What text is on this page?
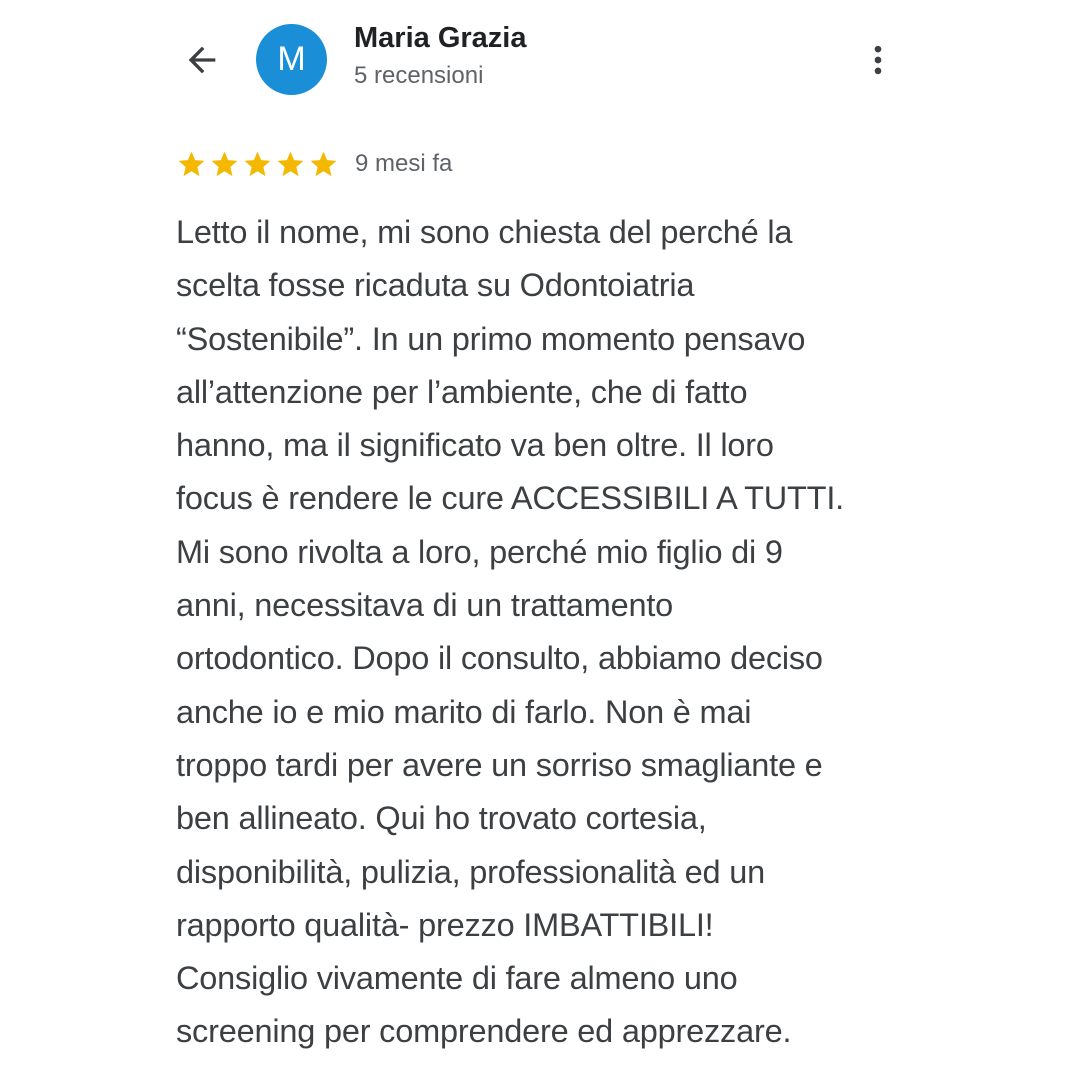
M
Maria Grazia
5 recensioni
9 mesi fa
Letto il nome, mi sono chiesta del perché la
scelta fosse ricaduta su Odontoiatria
“Sostenibile”. In un primo momento pensavo
all’attenzione per l’ambiente, che di fatto
hanno, ma il significato va ben oltre. Il loro
focus è rendere le cure ACCESSIBILI A TUTTI.
Mi sono rivolta a loro, perché mio figlio di 9
anni, necessitava di un trattamento
ortodontico. Dopo il consulto, abbiamo deciso
anche io e mio marito di farlo. Non è mai
troppo tardi per avere un sorriso smagliante e
ben allineato. Qui ho trovato cortesia,
disponibilità, pulizia, professionalità ed un
rapporto qualità- prezzo IMBATTIBILI!
Consiglio vivamente di fare almeno uno
screening per comprendere ed apprezzare.
